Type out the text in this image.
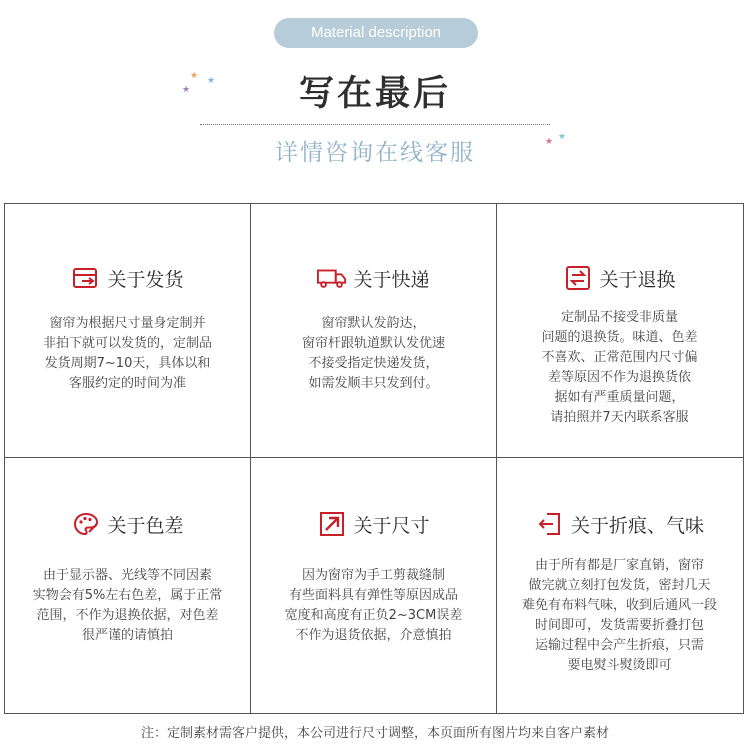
Material description
★ ★
★
★
★
写在最后
详情咨询在线客服
关于发货
窗帘为根据尺寸量身定制并
非拍下就可以发货的，定制品
发货周期7~10天，具体以和
客服约定的时间为准
关于快递
窗帘默认发韵达，
窗帘杆跟轨道默认发优速
不接受指定快递发货，
如需发顺丰只发到付。
关于退换
定制品不接受非质量
问题的退换货。味道、色差
不喜欢、正常范围内尺寸偏
差等原因不作为退换货依
据如有严重质量问题，
请拍照并7天内联系客服
关于色差
由于显示器、光线等不同因素
实物会有5%左右色差，属于正常
范围，不作为退换依据，对色差
很严谨的请慎拍
关于尺寸
因为窗帘为手工剪裁缝制
有些面料具有弹性等原因成品
宽度和高度有正负2~3CM误差
不作为退货依据，介意慎拍
关于折痕、气味
由于所有都是厂家直销，窗帘
做完就立刻打包发货，密封几天
难免有布料气味，收到后通风一段
时间即可，发货需要折叠打包
运输过程中会产生折痕，只需
要电熨斗熨烫即可
注：定制素材需客户提供，本公司进行尺寸调整，本页面所有图片均来自客户素材
